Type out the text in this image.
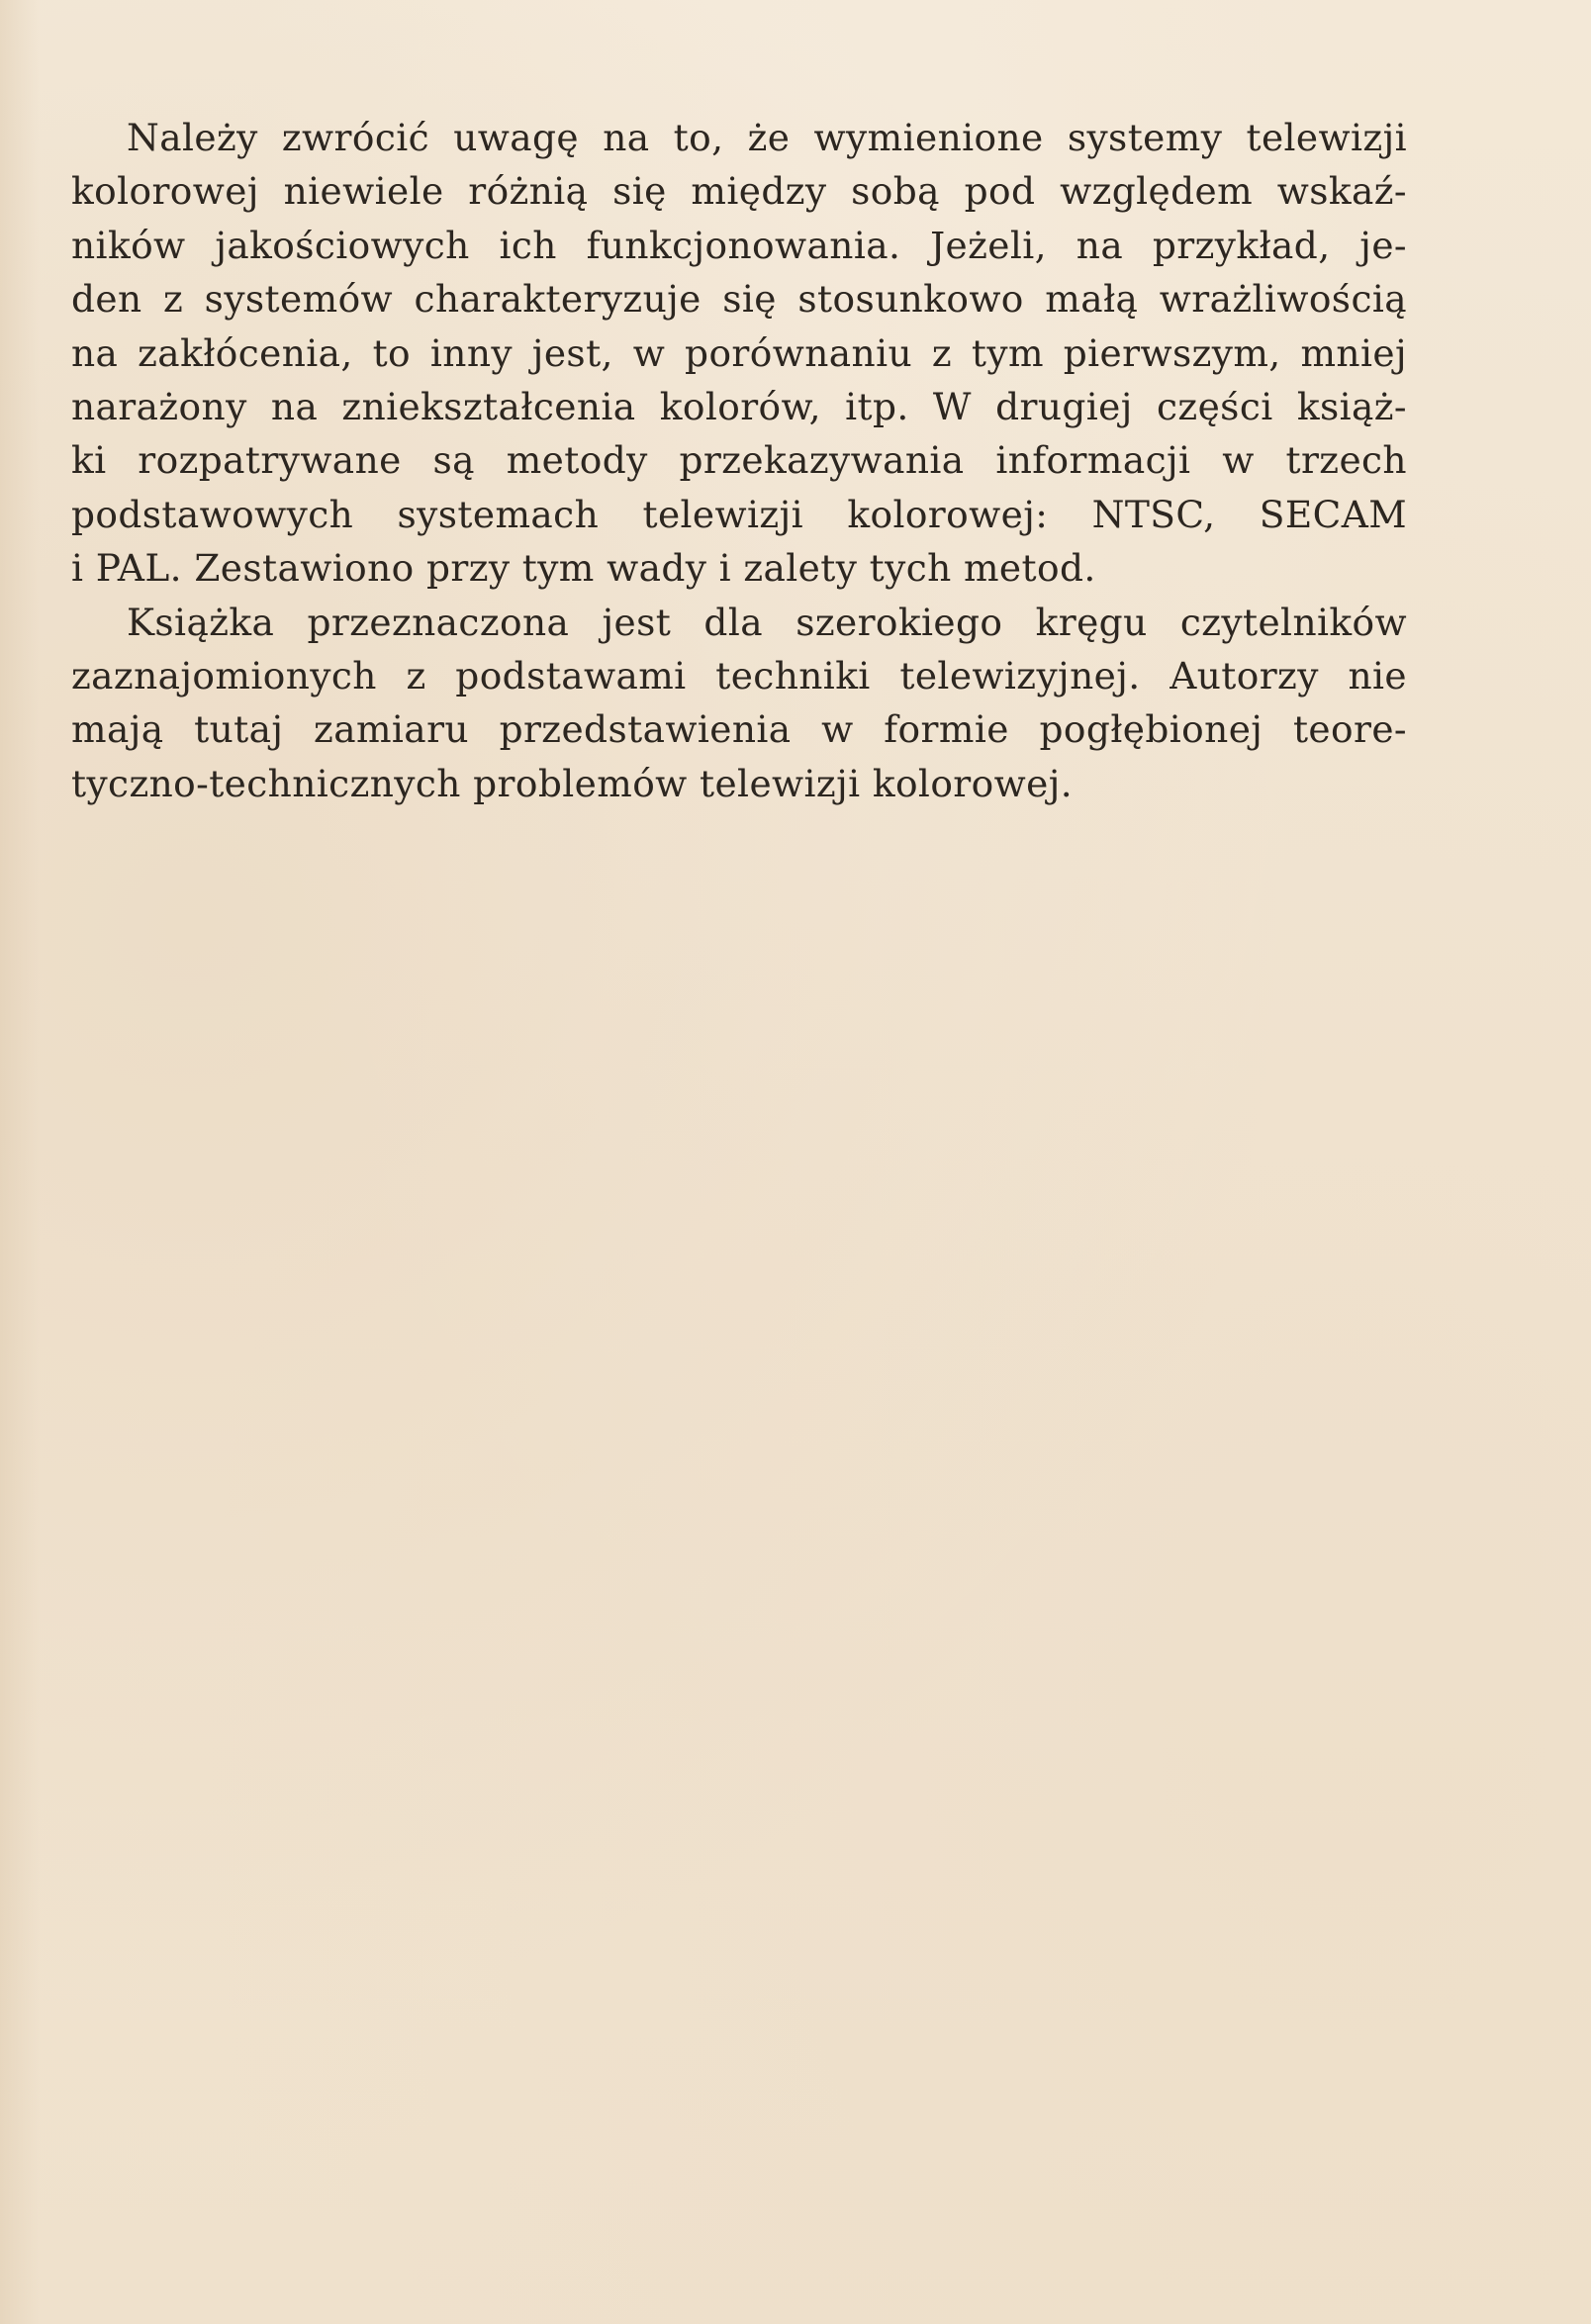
Należy zwrócić uwagę na to, że wymienione systemy telewizji
kolorowej niewiele różnią się między sobą pod względem wskaź-
ników jakościowych ich funkcjonowania. Jeżeli, na przykład, je-
den z systemów charakteryzuje się stosunkowo małą wrażliwością
na zakłócenia, to inny jest, w porównaniu z tym pierwszym, mniej
narażony na zniekształcenia kolorów, itp. W drugiej części książ-
ki rozpatrywane są metody przekazywania informacji w trzech
podstawowych systemach telewizji kolorowej: NTSC, SECAM
i PAL. Zestawiono przy tym wady i zalety tych metod.
Książka przeznaczona jest dla szerokiego kręgu czytelników
zaznajomionych z podstawami techniki telewizyjnej. Autorzy nie
mają tutaj zamiaru przedstawienia w formie pogłębionej teore-
tyczno-technicznych problemów telewizji kolorowej.
